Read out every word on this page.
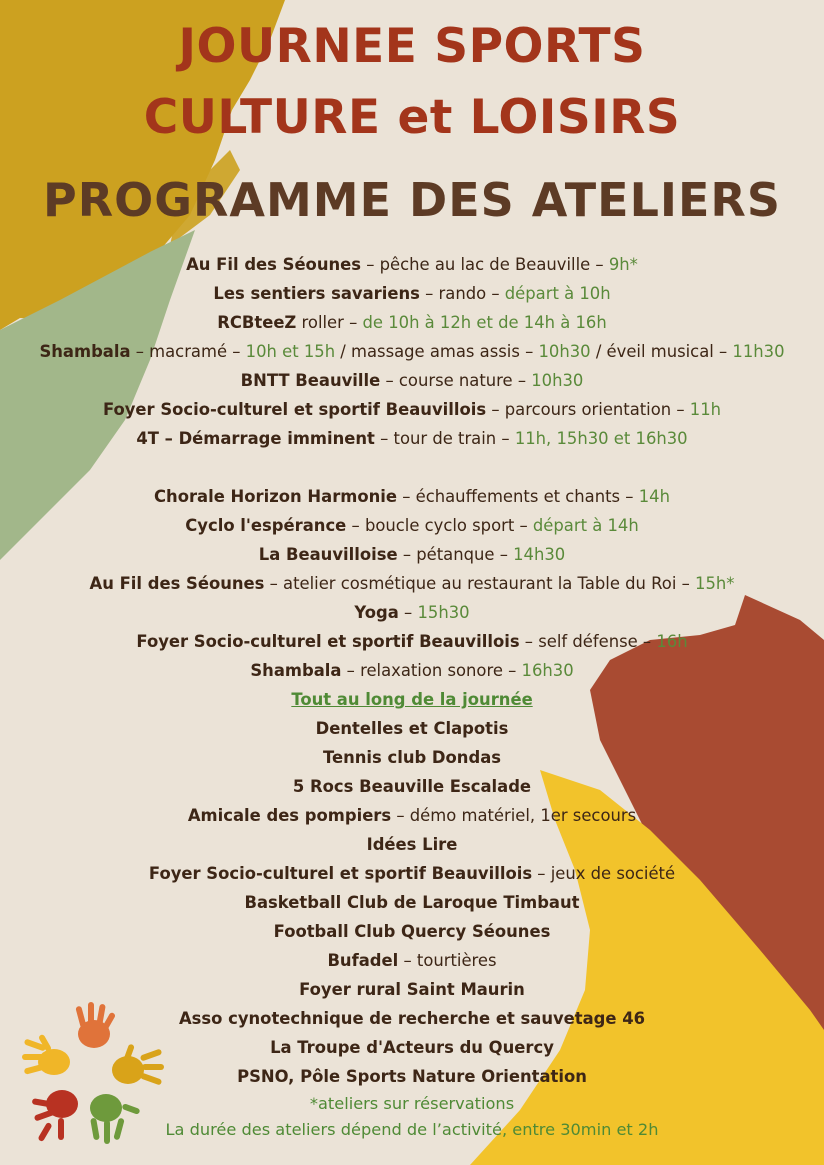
JOURNEE SPORTS
CULTURE et LOISIRS
PROGRAMME DES ATELIERS
Au Fil des Séounes – pêche au lac de Beauville – 9h*
Les sentiers savariens – rando – départ à 10h
RCBteeZ roller – de 10h à 12h et de 14h à 16h
Shambala – macramé – 10h et 15h / massage amas assis – 10h30 / éveil musical – 11h30
BNTT Beauville – course nature – 10h30
Foyer Socio-culturel et sportif Beauvillois – parcours orientation – 11h
4T – Démarrage imminent – tour de train – 11h, 15h30 et 16h30
Chorale Horizon Harmonie – échauffements et chants – 14h
Cyclo l'espérance – boucle cyclo sport – départ à 14h
La Beauvilloise – pétanque – 14h30
Au Fil des Séounes – atelier cosmétique au restaurant la Table du Roi – 15h*
Yoga – 15h30
Foyer Socio-culturel et sportif Beauvillois – self défense – 16h
Shambala – relaxation sonore – 16h30
Tout au long de la journée
Dentelles et Clapotis
Tennis club Dondas
5 Rocs Beauville Escalade
Amicale des pompiers – démo matériel, 1er secours
Idées Lire
Foyer Socio-culturel et sportif Beauvillois – jeux de société
Basketball Club de Laroque Timbaut
Football Club Quercy Séounes
Bufadel – tourtières
Foyer rural Saint Maurin
Asso cynotechnique de recherche et sauvetage 46
La Troupe d'Acteurs du Quercy
PSNO, Pôle Sports Nature Orientation
*ateliers sur réservations
La durée des ateliers dépend de l’activité, entre 30min et 2h
